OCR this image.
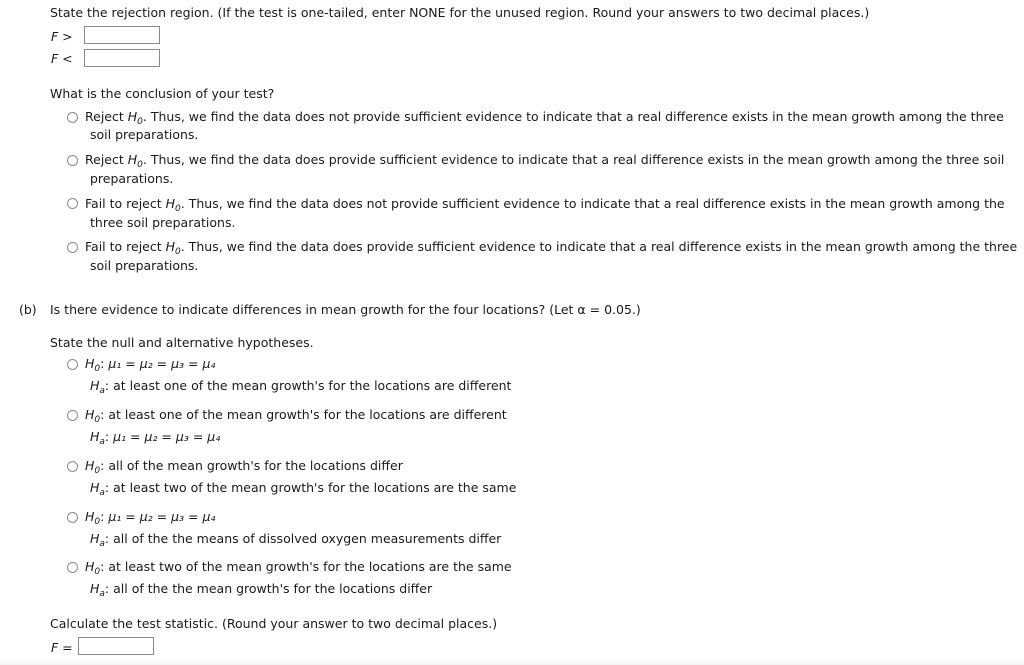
State the rejection region. (If the test is one-tailed, enter NONE for the unused region. Round your answers to two decimal places.)
F >
F <
What is the conclusion of your test?
Reject $H_0$. Thus, we find the data does not provide sufficient evidence to indicate that a real difference exists in the mean growth among the three
soil preparations.
Reject $H_0$. Thus, we find the data does provide sufficient evidence to indicate that a real difference exists in the mean growth among the three soil
preparations.
Fail to reject $H_0$. Thus, we find the data does not provide sufficient evidence to indicate that a real difference exists in the mean growth among the
three soil preparations.
Fail to reject $H_0$. Thus, we find the data does provide sufficient evidence to indicate that a real difference exists in the mean growth among the three
soil preparations.
(b) Is there evidence to indicate differences in mean growth for the four locations? (Let α = 0.05.)
State the null and alternative hypotheses.
$H_0$: μ₁ = μ₂ = μ₃ = μ₄
$H_a$: at least one of the mean growth's for the locations are different
$H_0$: at least one of the mean growth's for the locations are different
$H_a$: μ₁ = μ₂ = μ₃ = μ₄
$H_0$: all of the mean growth's for the locations differ
$H_a$: at least two of the mean growth's for the locations are the same
$H_0$: μ₁ = μ₂ = μ₃ = μ₄
$H_a$: all of the the means of dissolved oxygen measurements differ
$H_0$: at least two of the mean growth's for the locations are the same
$H_a$: all of the the mean growth's for the locations differ
Calculate the test statistic. (Round your answer to two decimal places.)
F =
